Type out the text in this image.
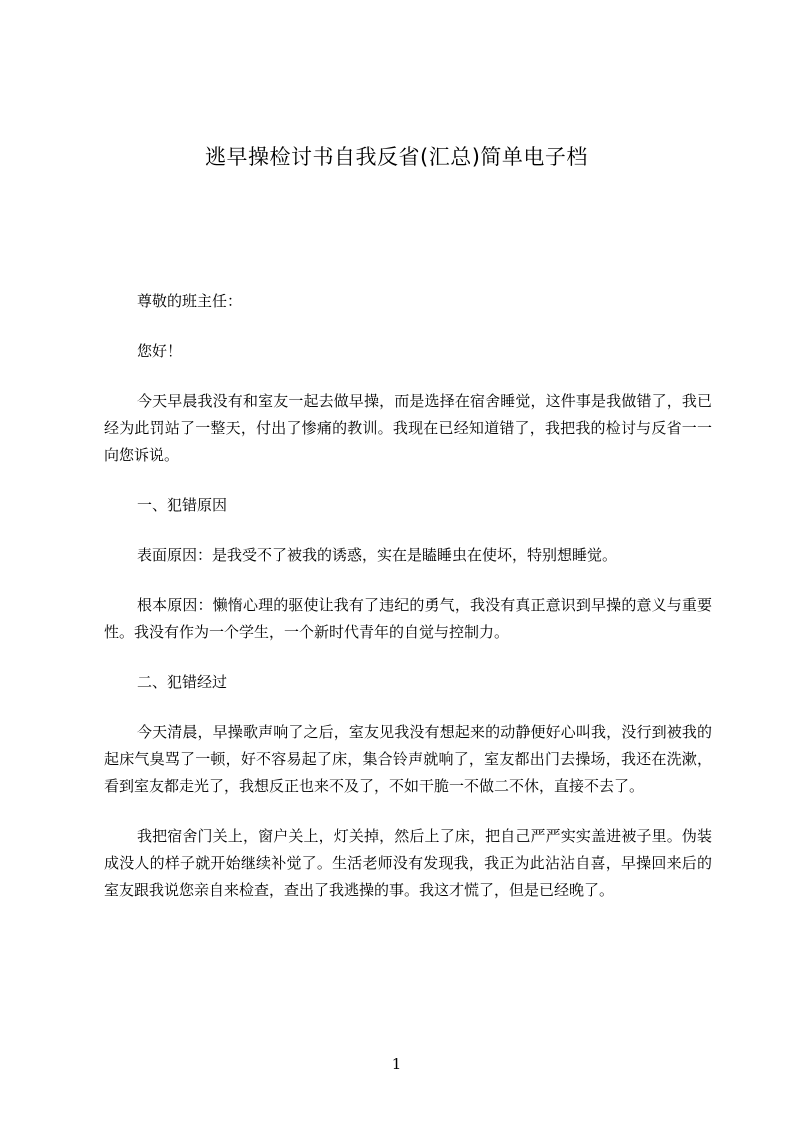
逃早操检讨书自我反省(汇总)简单电子档

尊敬的班主任：

您好！

今天早晨我没有和室友一起去做早操，而是选择在宿舍睡觉，这件事是我做错了，我已经为此罚站了一整天，付出了惨痛的教训。我现在已经知道错了，我把我的检讨与反省一一向您诉说。

一、犯错原因

表面原因：是我受不了被我的诱惑，实在是瞌睡虫在使坏，特别想睡觉。

根本原因：懒惰心理的驱使让我有了违纪的勇气，我没有真正意识到早操的意义与重要性。我没有作为一个学生，一个新时代青年的自觉与控制力。

二、犯错经过

今天清晨，早操歌声响了之后，室友见我没有想起来的动静便好心叫我，没行到被我的起床气臭骂了一顿，好不容易起了床，集合铃声就响了，室友都出门去操场，我还在洗漱，看到室友都走光了，我想反正也来不及了，不如干脆一不做二不休，直接不去了。

我把宿舍门关上，窗户关上，灯关掉，然后上了床，把自己严严实实盖进被子里。伪装成没人的样子就开始继续补觉了。生活老师没有发现我，我正为此沾沾自喜，早操回来后的室友跟我说您亲自来检查，查出了我逃操的事。我这才慌了，但是已经晚了。

1
